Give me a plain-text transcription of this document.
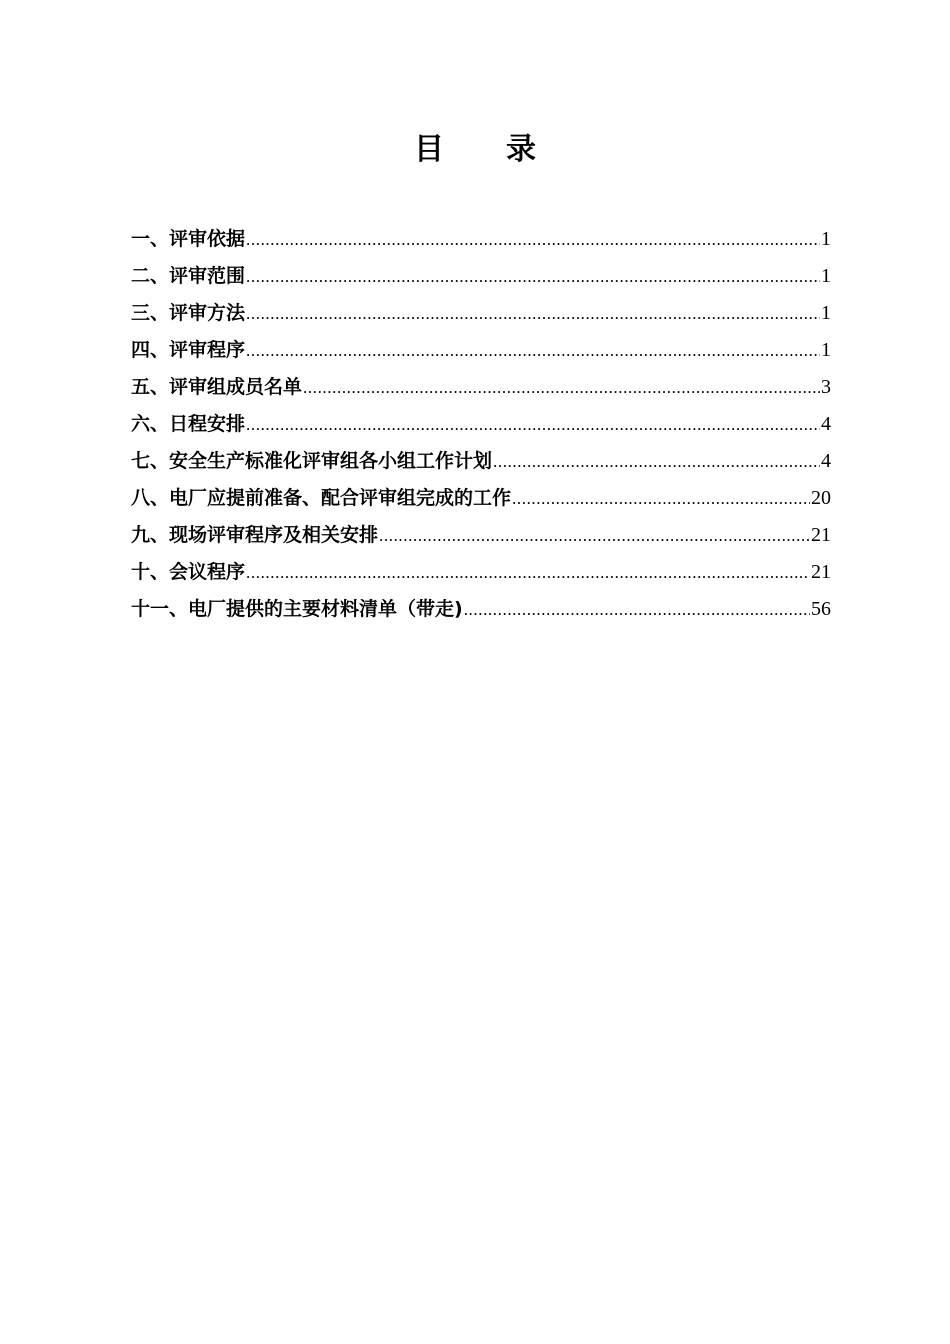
目 录
一、评审依据 .....	1
二、评审范围 .....	1
三、评审方法 .....	1
四、评审程序 .....	1
五、评审组成员名单 .....	3
六、日程安排 .....	4
七、安全生产标准化评审组各小组工作计划 .....	4
八、电厂应提前准备、配合评审组完成的工作 .....	20
九、现场评审程序及相关安排 .....	21
十、会议程序 .....	21
十一、电厂提供的主要材料清单（带走) .....	56
